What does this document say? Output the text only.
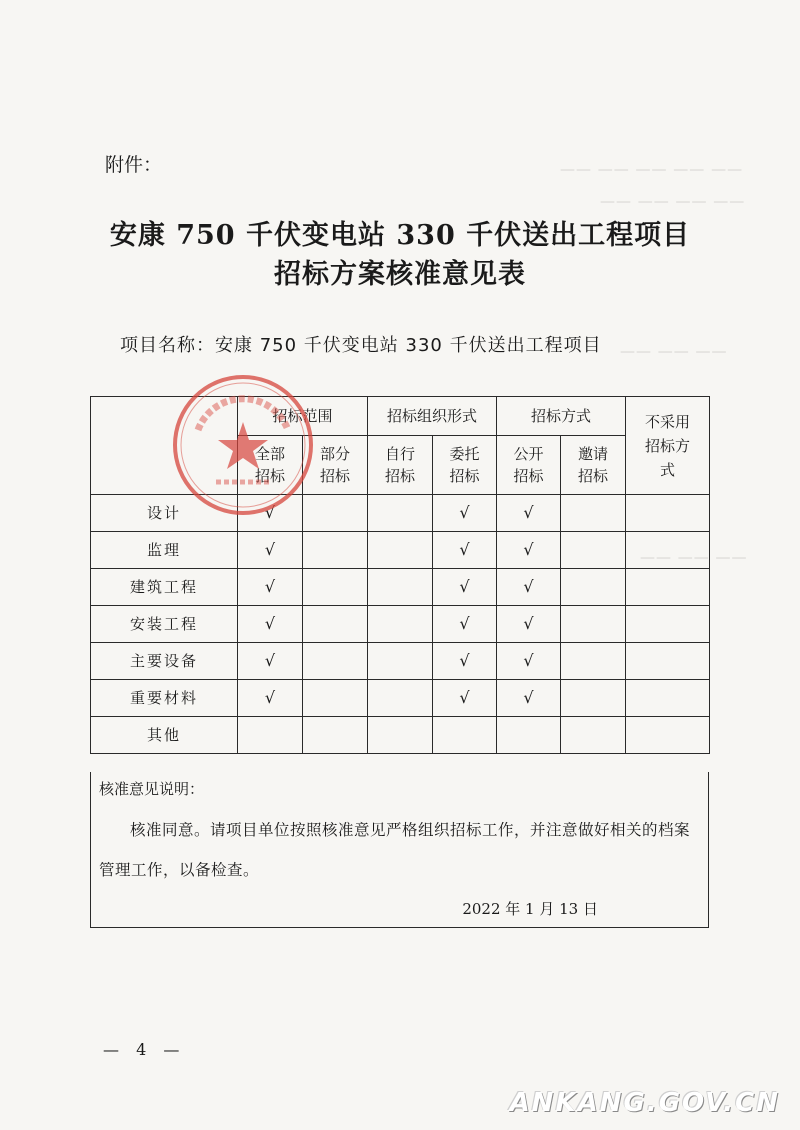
—— —— —— —— ——
—— —— —— ——
—— —— ——
—— —— ——
附件：
安康 750 千伏变电站 330 千伏送出工程项目
招标方案核准意见表
项目名称：安康 750 千伏变电站 330 千伏送出工程项目
	招标范围		招标组织形式		招标方式		不采用招标方式
	全部招标	部分招标	自行招标	委托招标	公开招标	邀请招标	
设计	√			√	√		
监理	√			√	√		
建筑工程	√			√	√		
安装工程	√			√	√		
主要设备	√			√	√		
重要材料	√			√	√		
其他							
核准意见说明：
核准同意。请项目单位按照核准意见严格组织招标工作，并注意做好相关的档案管理工作，以备检查。
2022 年 1 月 13 日
— 4 —
ANKANG.GOV.CN
